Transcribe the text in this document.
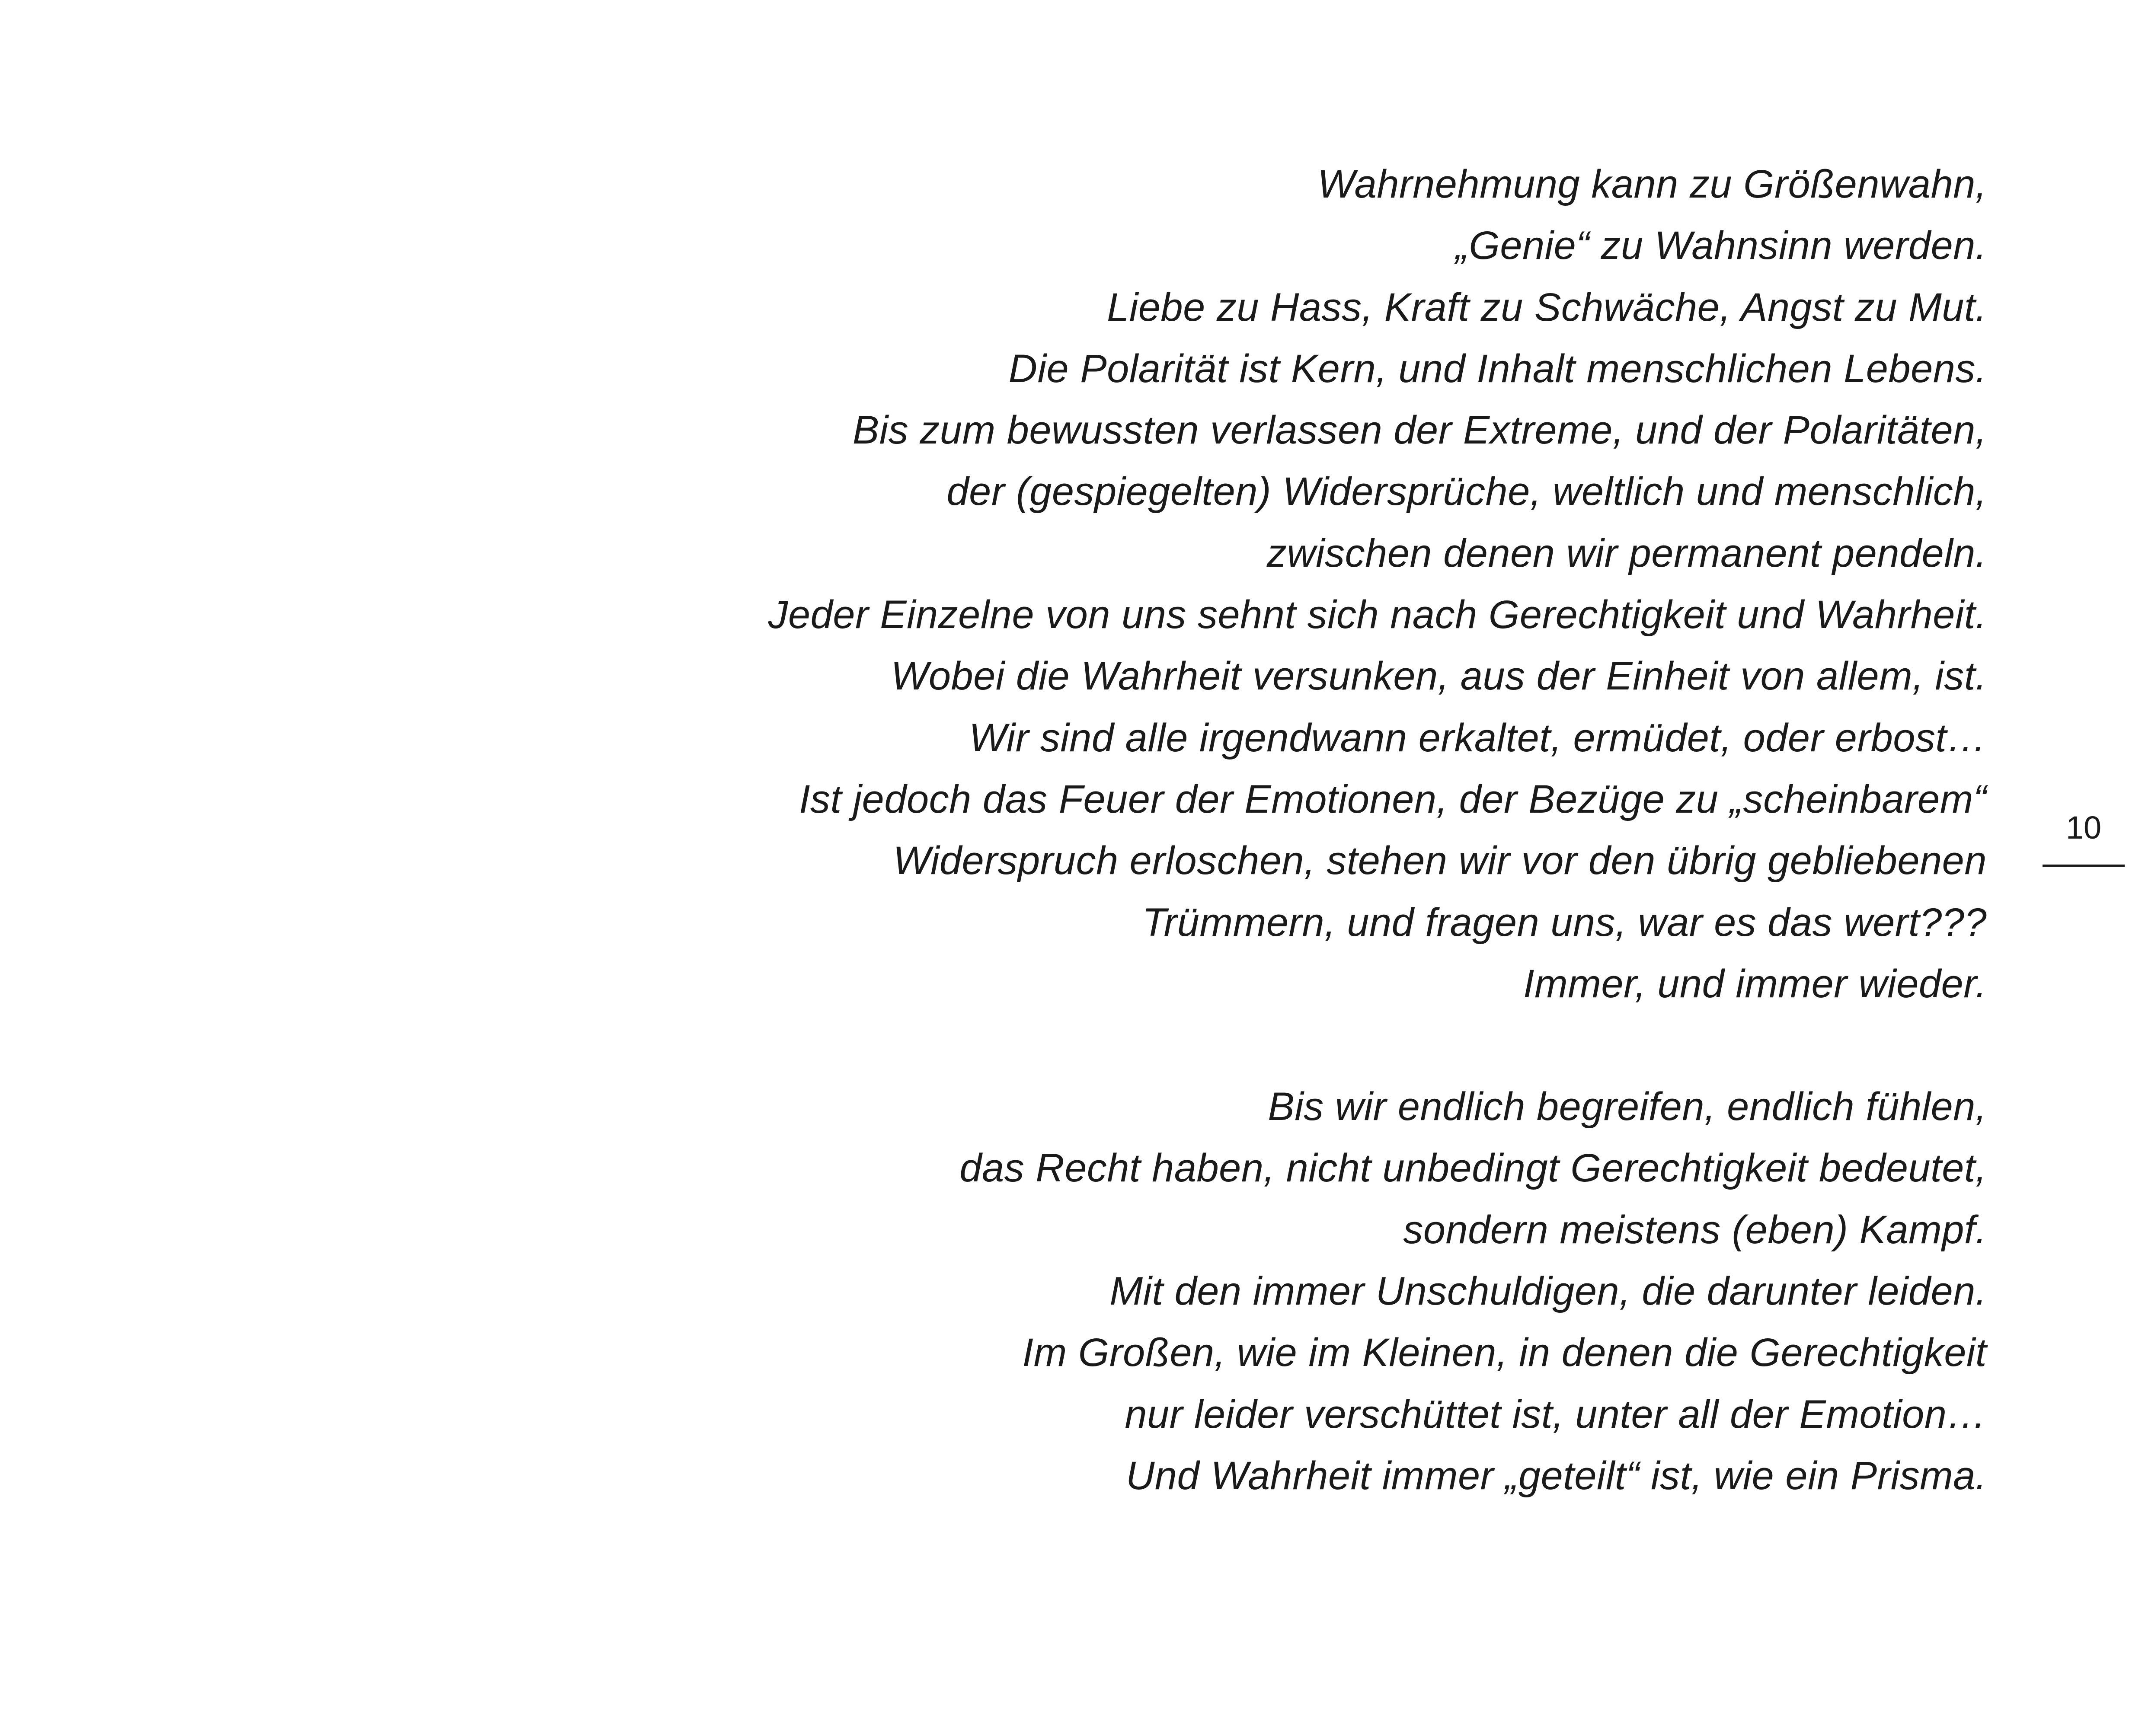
Wahrnehmung kann zu Größenwahn,
„Genie“ zu Wahnsinn werden.
Liebe zu Hass, Kraft zu Schwäche, Angst zu Mut.
Die Polarität ist Kern, und Inhalt menschlichen Lebens.
Bis zum bewussten verlassen der Extreme, und der Polaritäten,
der (gespiegelten) Widersprüche, weltlich und menschlich,
zwischen denen wir permanent pendeln.
Jeder Einzelne von uns sehnt sich nach Gerechtigkeit und Wahrheit.
Wobei die Wahrheit versunken, aus der Einheit von allem, ist.
Wir sind alle irgendwann erkaltet, ermüdet, oder erbost…
Ist jedoch das Feuer der Emotionen, der Bezüge zu „scheinbarem“
Widerspruch erloschen, stehen wir vor den übrig gebliebenen
Trümmern, und fragen uns, war es das wert???
Immer, und immer wieder.

Bis wir endlich begreifen, endlich fühlen,
das Recht haben, nicht unbedingt Gerechtigkeit bedeutet,
sondern meistens (eben) Kampf.
Mit den immer Unschuldigen, die darunter leiden.
Im Großen, wie im Kleinen, in denen die Gerechtigkeit
nur leider verschüttet ist, unter all der Emotion…
Und Wahrheit immer „geteilt“ ist, wie ein Prisma.

10
